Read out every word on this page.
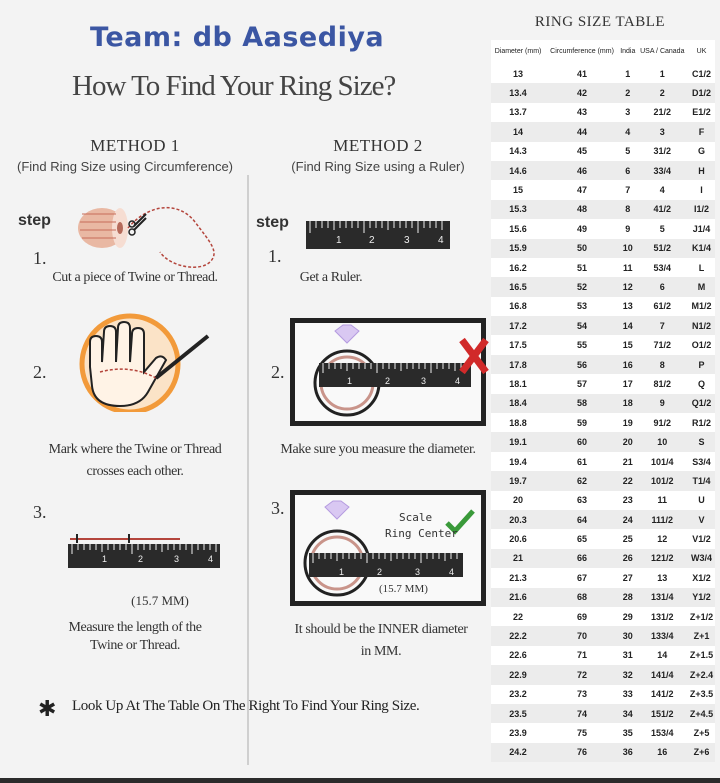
Team: db Aasediya
How To Find Your Ring Size?
METHOD 1
(Find Ring Size using Circumference)
METHOD 2
(Find Ring Size using a Ruler)
step
1.
Cut a piece of Twine or Thread.
2.
Mark where the Twine or Thread
crosses each other.
3.
1	2	3	4
(15.7 MM)
Measure the length of the
Twine or Thread.
step
1	2	3	4
1.
Get a Ruler.
2.	1	2	3	4
Make sure you measure the diameter.
3.	Scale
Ring Center
1	2	3	4
(15.7 MM)
It should be the INNER diameter
in MM.
✱ Look Up At The Table On The Right To Find Your Ring Size.
RING SIZE TABLE
Diameter (mm)	Circumference (mm)	India	USA / Canada	UK
13	41	1	1	C1/2
13.4	42	2	2	D1/2
13.7	43	3	21/2	E1/2
14	44	4	3	F
14.3	45	5	31/2	G
14.6	46	6	33/4	H
15	47	7	4	I
15.3	48	8	41/2	I1/2
15.6	49	9	5	J1/4
15.9	50	10	51/2	K1/4
16.2	51	11	53/4	L
16.5	52	12	6	M
16.8	53	13	61/2	M1/2
17.2	54	14	7	N1/2
17.5	55	15	71/2	O1/2
17.8	56	16	8	P
18.1	57	17	81/2	Q
18.4	58	18	9	Q1/2
18.8	59	19	91/2	R1/2
19.1	60	20	10	S
19.4	61	21	101/4	S3/4
19.7	62	22	101/2	T1/4
20	63	23	11	U
20.3	64	24	111/2	V
20.6	65	25	12	V1/2
21	66	26	121/2	W3/4
21.3	67	27	13	X1/2
21.6	68	28	131/4	Y1/2
22	69	29	131/2	Z+1/2
22.2	70	30	133/4	Z+1
22.6	71	31	14	Z+1.5
22.9	72	32	141/4	Z+2.4
23.2	73	33	141/2	Z+3.5
23.5	74	34	151/2	Z+4.5
23.9	75	35	153/4	Z+5
24.2	76	36	16	Z+6
